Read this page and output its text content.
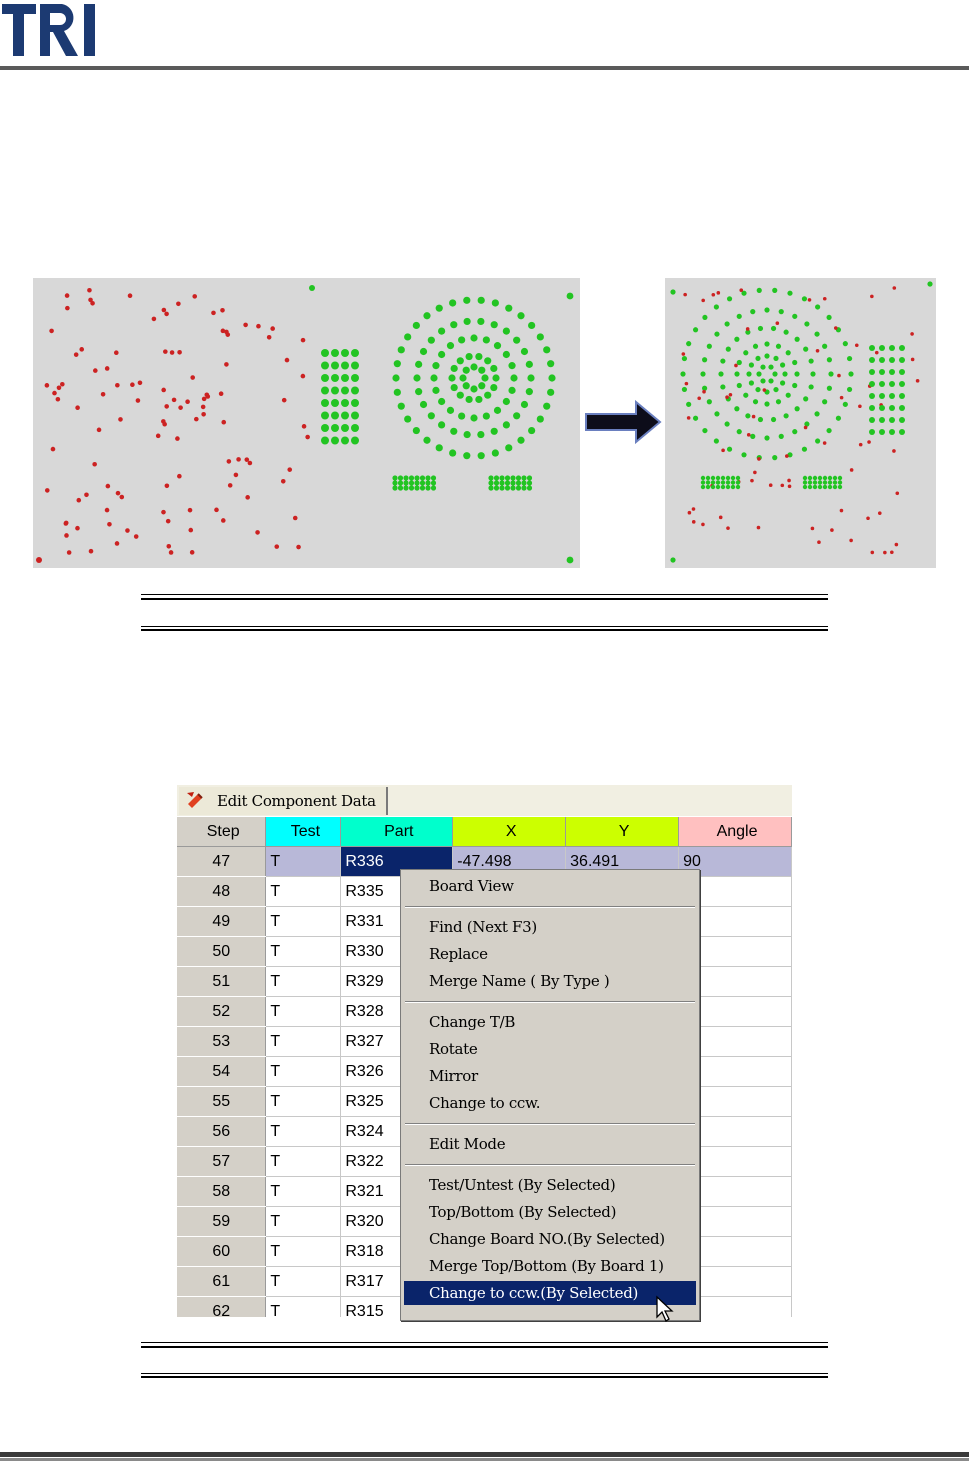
Edit Component Data
Step	Test	Part	X	Y	Angle
47	T	R336	-47.498	36.491	90
48	T	R335			
49	T	R331			
50	T	R330			
51	T	R329			
52	T	R328			
53	T	R327			
54	T	R326			
55	T	R325			
56	T	R324			
57	T	R322			
58	T	R321			
59	T	R320			
60	T	R318			
61	T	R317			
62	T	R315			
Board View
Find (Next F3)
Replace
Merge Name ( By Type )
Change T/B
Rotate
Mirror
Change to ccw.
Edit Mode
Test/Untest (By Selected)
Top/Bottom (By Selected)
Change Board NO.(By Selected)
Merge Top/Bottom (By Board 1)
Change to ccw.(By Selected)
